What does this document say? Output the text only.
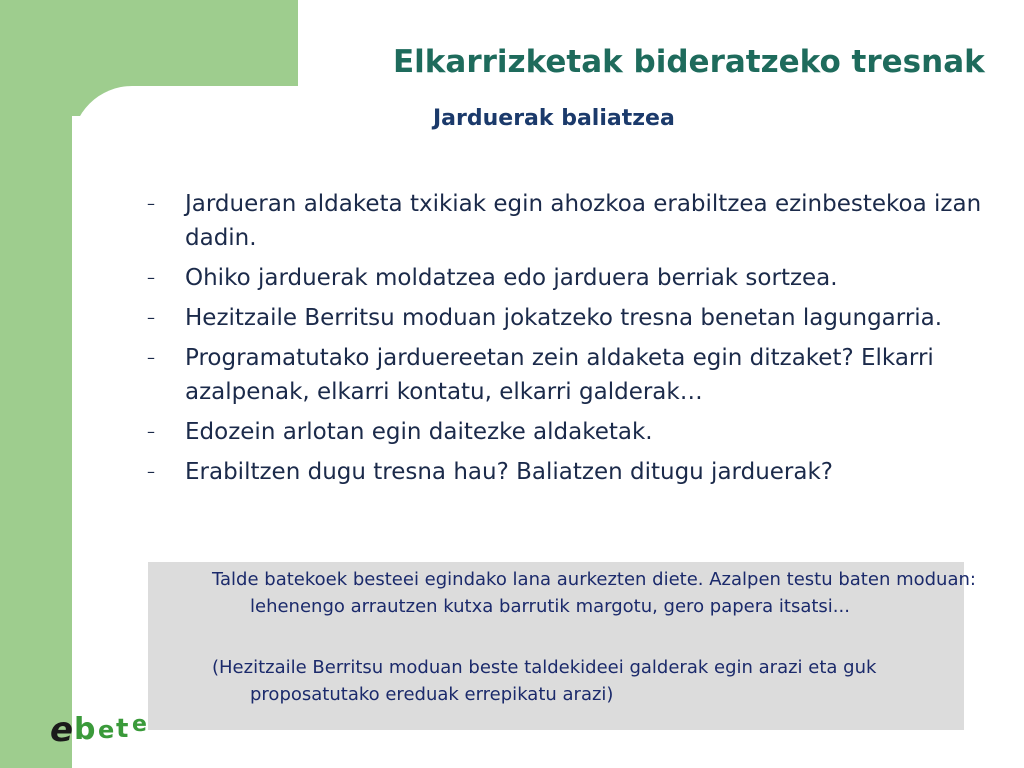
Elkarrizketak bideratzeko tresnak
Jarduerak baliatzea
– Jardueran aldaketa txikiak egin ahozkoa erabiltzea ezinbestekoa izan dadin.
– Ohiko jarduerak moldatzea edo jarduera berriak sortzea.
– Hezitzaile Berritsu moduan jokatzeko tresna benetan lagungarria.
– Programatutako jarduereetan zein aldaketa egin ditzaket? Elkarri azalpenak, elkarri kontatu, elkarri galderak…
– Edozein arlotan egin daitezke aldaketak.
– Erabiltzen dugu tresna hau? Baliatzen ditugu jarduerak?
Talde batekoek besteei egindako lana aurkezten diete. Azalpen testu baten moduan: lehenengo arrautzen kutxa barrutik margotu, gero papera itsatsi...
(Hezitzaile Berritsu moduan beste taldekideei galderak egin arazi eta guk proposatutako ereduak errepikatu arazi)
e b e t e
